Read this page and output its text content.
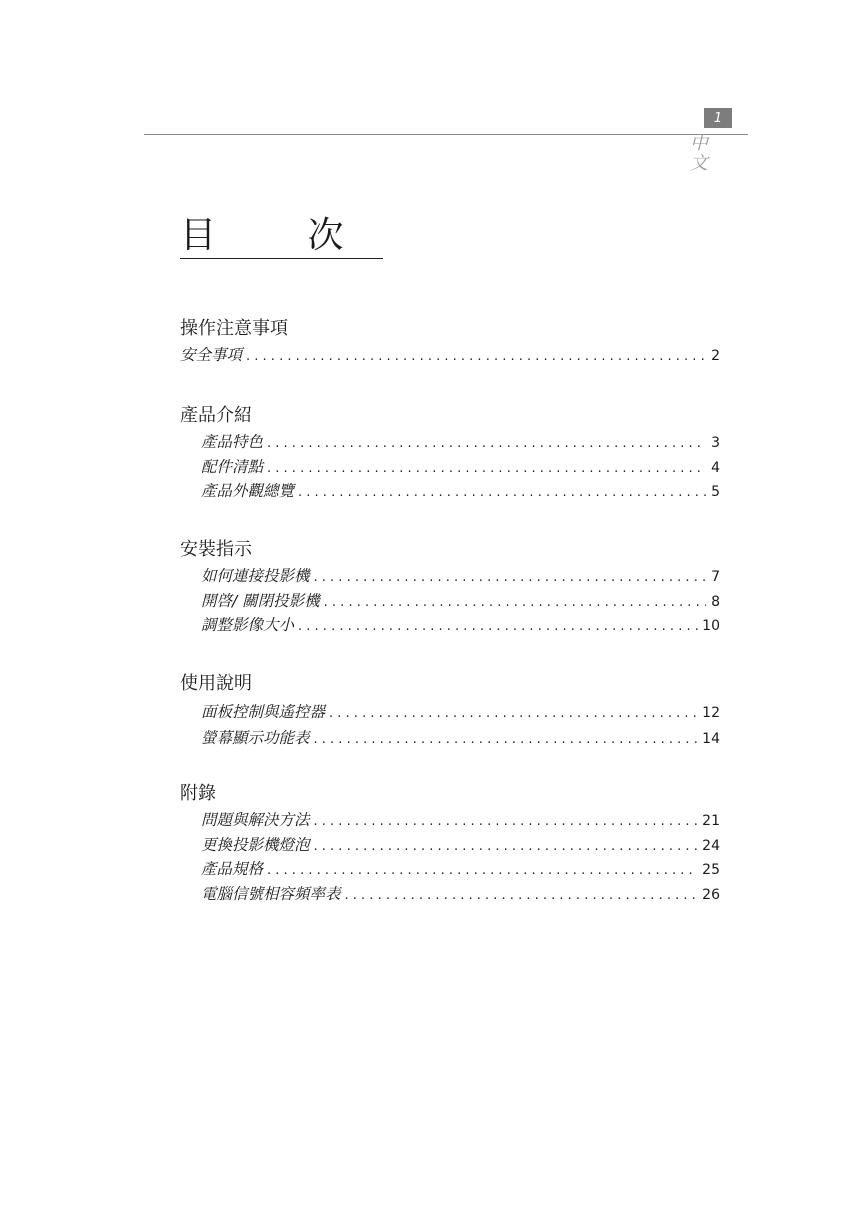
1
中 文
目 次
操作注意事項
安全事項 . . .	2
產品介紹
產品特色 . . .	3
配件清點 . . .	4
產品外觀總覽 . . .	5
安裝指示
如何連接投影機 . . .	7
開啓/ 關閉投影機 . . .	8
調整影像大小 . . .	10
使用說明
面板控制與遙控器 . . .	12
螢幕顯示功能表 . . .	14
附錄
問題與解決方法 . . .	21
更換投影機燈泡 . . .	24
產品規格 . . .	25
電腦信號相容頻率表 . . .	26
